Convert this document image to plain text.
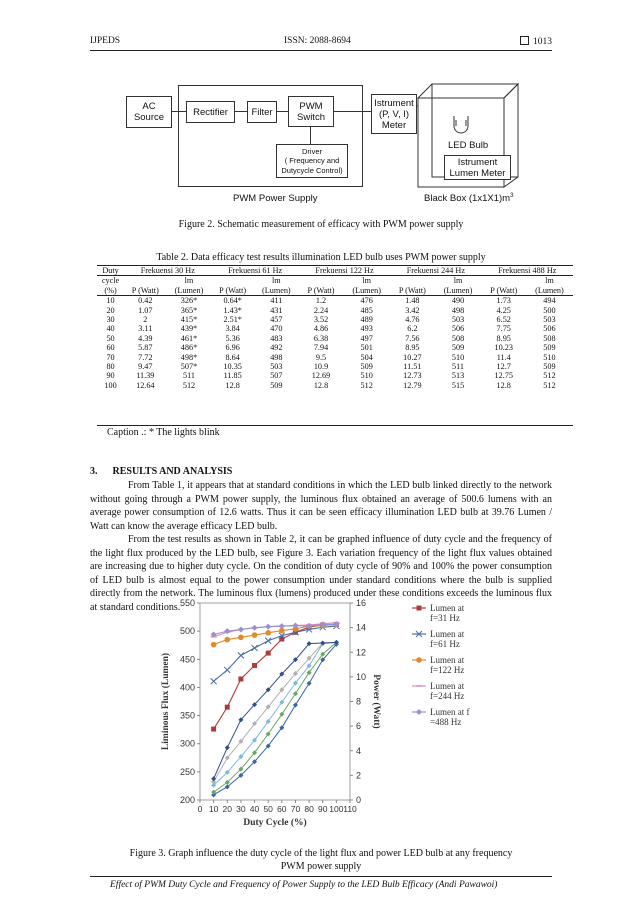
IJPEDS	ISSN: 2088-8694	1013
AC
Source	Rectifier	Filter
PWM
Switch
Driver
( Frequency and
Dutycycle Control)
Istrument
(P, V, I)
Meter
LED Bulb
Istrument
Lumen Meter
PWM Power Supply	Black Box $(1x1X1)m^3$
Figure 2. Schematic measurement of efficacy with PWM power supply
Table 2. Data efficacy test results illumination LED bulb uses PWM power supply
Duty	Frekuensi 30 Hz		Frekuensi 61 Hz		Frekuensi 122 Hz		Frekuensi 244 Hz		Frekuensi 488 Hz	
cycle		lm		lm		lm		lm		lm
(%)	P (Watt)	(Lumen)	P (Watt)	(Lumen)	P (Watt)	(Lumen)	P (Watt)	(Lumen)	P (Watt)	(Lumen)
10	0.42	326*	0.64*	411	1.2	476	1.48	490	1.73	494
20	1.07	365*	1.43*	431	2.24	485	3.42	498	4.25	500
30	2	415*	2.51*	457	3.52	489	4.76	503	6.52	503
40	3.11	439*	3.84	470	4.86	493	6.2	506	7.75	506
50	4.39	461*	5.36	483	6.38	497	7.56	508	8.95	508
60	5.87	486*	6.96	492	7.94	501	8.95	509	10.23	509
70	7.72	498*	8.64	498	9.5	504	10.27	510	11.4	510
80	9.47	507*	10.35	503	10.9	509	11.51	511	12.7	509
90	11.39	511	11.85	507	12.69	510	12.73	513	12.75	512
100	12.64	512	12.8	509	12.8	512	12.79	515	12.8	512
Caption .: * The lights blink
3.      RESULTS AND ANALYSIS
From Table 1, it appears that at standard conditions in which the LED bulb linked directly to the network without going through a PWM power supply, the luminous flux obtained an average of 500.6 lumens with an average power consumption of 12.6 watts. Thus it can be seen efficacy illumination LED bulb at 39.76 Lumen / Watt can know the average efficacy LED bulb.
From the test results as shown in Table 2, it can be graphed influence of duty cycle and the frequency of the light flux produced by the LED bulb, see Figure 3. Each variation frequency of the light flux values obtained are increasing due to higher duty cycle. On the condition of duty cycle of 90% and 100% the power consumption of LED bulb is almost equal to the power consumption under standard conditions where the bulb is supplied directly from the network. The luminous flux (lumens) produced under these conditions exceeds the luminous flux at standard conditions.
200
250
300
350
400
450
500
550
0
2
4
6
8
10
12
14
16
0 10 20 30 40 50 60 70 80 90 100 110
Duty Cycle (%)
Liminous Flux (Lumen)	Power (Watt)
Lumen at
f=31 Hz
Lumen at
f=61 Hz
Lumen at
f=122 Hz
Lumen at
f=244 Hz
Lumen at f
=488 Hz
Figure 3. Graph influence the duty cycle of the light flux and power LED bulb at any frequency
PWM power supply
Effect of PWM Duty Cycle and Frequency of Power Supply to the LED Bulb Efficacy (Andi Pawawoi)
